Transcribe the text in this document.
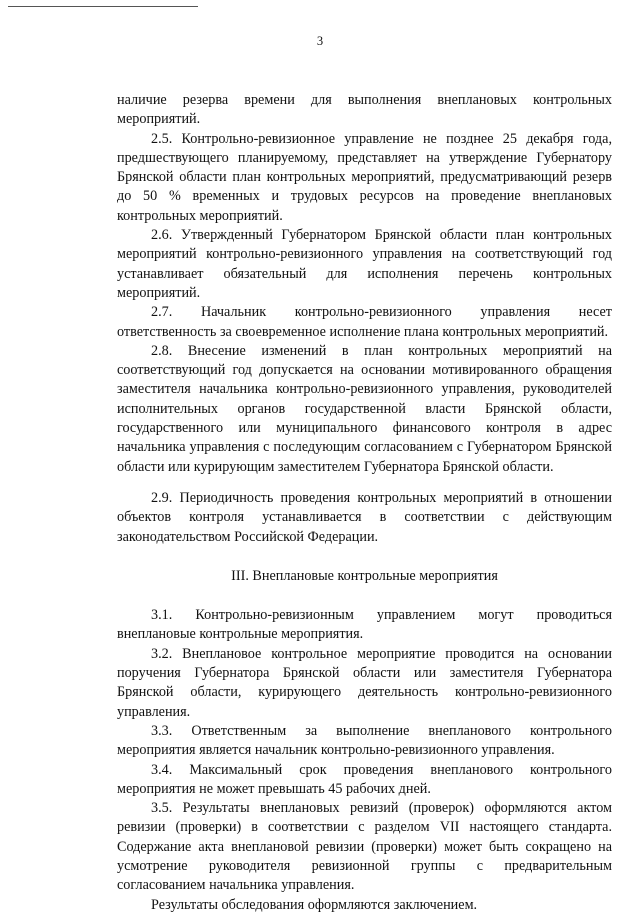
3

наличие резерва времени для выполнения внеплановых контрольных мероприятий.

2.5. Контрольно-ревизионное управление не позднее 25 декабря года, предшествующего планируемому, представляет на утверждение Губернатору Брянской области план контрольных мероприятий, предусматривающий резерв до 50 % временных и трудовых ресурсов на проведение внеплановых контрольных мероприятий.

2.6. Утвержденный Губернатором Брянской области план контрольных мероприятий контрольно-ревизионного управления на соответствующий год устанавливает обязательный для исполнения перечень контрольных мероприятий.

2.7. Начальник контрольно-ревизионного управления несет ответственность за своевременное исполнение плана контрольных мероприятий.

2.8. Внесение изменений в план контрольных мероприятий на соответствующий год допускается на основании мотивированного обращения заместителя начальника контрольно-ревизионного управления, руководителей исполнительных органов государственной власти Брянской области, государственного или муниципального финансового контроля в адрес начальника управления с последующим согласованием с Губернатором Брянской области или курирующим заместителем Губернатора Брянской области.

2.9. Периодичность проведения контрольных мероприятий в отношении объектов контроля устанавливается в соответствии с действующим законодательством Российской Федерации.

III. Внеплановые контрольные мероприятия

3.1. Контрольно-ревизионным управлением могут проводиться внеплановые контрольные мероприятия.

3.2. Внеплановое контрольное мероприятие проводится на основании поручения Губернатора Брянской области или заместителя Губернатора Брянской области, курирующего деятельность контрольно-ревизионного управления.

3.3. Ответственным за выполнение внепланового контрольного мероприятия является начальник контрольно-ревизионного управления.

3.4. Максимальный срок проведения внепланового контрольного мероприятия не может превышать 45 рабочих дней.

3.5. Результаты внеплановых ревизий (проверок) оформляются актом ревизии (проверки) в соответствии с разделом VII настоящего стандарта. Содержание акта внеплановой ревизии (проверки) может быть сокращено на усмотрение руководителя ревизионной группы с предварительным согласованием начальника управления.

Результаты обследования оформляются заключением.
